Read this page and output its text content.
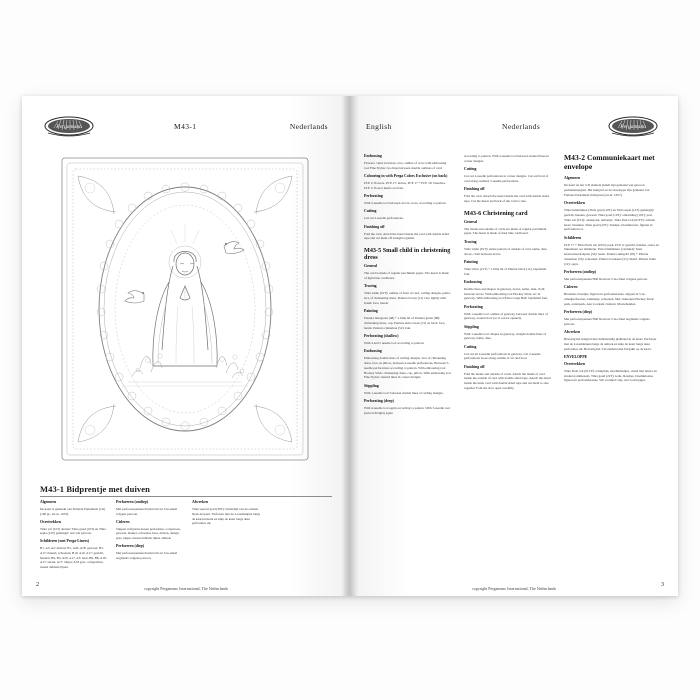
Pergamano	M43-1	Nederlands
M43-1 Bidprentje met duiven
Algemeen

De kaart is gemaakt van Parisian Perkament (vel) (160 gr., art.nr. 1653).

Overtrekken

Tinta wit (01T) deuren: Tinta goud (10T) en Tinta sepia (12T) gemengd: rest van patroon.

Schilderen (met Perga-Liners)

B1, A3, A2: duiven; B1, A20, A18: gewaad, B3, A17: mantel, schoenen; B10, A10, A17: gezicht, handen, B9, B3, A20, A17, A3: haar, B9, B8, A18, A17: aarzel, A17: takjes; A18 gras, composities, tussen dubbele lijnen.

Perforeren (ondiep)

Met perforeerpennen Kruisvorm en 3-in-enkel volgens patroon.

Cisleren

Stippen in figuren tussen perforaties, oorpatroon, gewaad, mantel, schoenen, haar, duiven, design, gras, takjes, tussen dubbele lijnen omtrek.

Perforeren (diep)

Met perforeerpennen Kruisvorm en 3-in-enkel nogmaals volgens patroon.

Afwerken

Tinta special gold (30T): buitenlijn van de omtrek. Neus de kaart. Perforeer met de 2-naaldenpen langs de kaartontwerk en knip de kaart langs deze perforaties uit.

2
copyright Pergamano International, The Netherlands
English	Nederlands	Pergamano
Embossing

Flowers, veins in leaves, arcs, outline of cross with embossing tool Fine Stylus: two lines between double outlines of card.

Colouring in with Perga Colors Exclusive (on back)

PCE 2: flowers. PCE 17: leaves. PCE 17 + PCE 19: branches. PCE 2: flower hearts on front.

Perforating

With 2-needle tool between arcs in cross, according to pattern.

Cutting

Cut out 2-needle perforations.

Finishing off

Fold the card. Attach the insert inside the card with double sided tape and cut them off straight together.

M43-5 Small child in christening dress
General

The card is made of regular parchment paper. The insert is made of light blue cardboard.

Tracing

Tinta white (01T): outline of front of card, curling designs, pellet, lace of christening dress. Pentura brown (12) very lightly with brush: face, hands.

Painting

Pentura bluegreen (48) + a little bit of Pentura green (08): christening dress, cap. Pentura skin colour (15) on back: face, hands. Pentura cinnamon (52): hair.

Perforating (shallow)

With 4 and 5 needle tool according to pattern.

Embossing

Embossing double lines of curling designs, lace of christening dress, face on pillow, between 4-needle perforations. Between 5-needle perforations according to pattern. With embossing tool Hockey Stick: christening dress, cap, pillow. With embossing tool Fine Stylus: slanted lines in corner designs.

Stippling

With 1-needle tool: between double lines of curling designs.

Perforating (deep)

With 4-needle tool again according to pattern. With 5-needle tool (twist left/right) again

according to pattern. With 2-needle tool between slanted lines in corner designs.

Cutting

Cut out 2-needle perforations in corner designs. Cut out front of card along outmost 5-needle perforations.

Finishing off

Fold the card. Attach the insert inside the card with double sided tape. Cut the insert and back of the card to size.

M43-6 Christening card
General

The inside and outside of cards are made of regular parchment paper. The insert is made of dark blue cardboard.

Tracing

Tinta white (01T): entire pattern of outside of card, name, date, doves, cloth between doves.

Painting

Tinta silver (21T) + a little bit of Pintura black (11): baptismal font.

Embossing

Double lines and shapes in gateway, doves, name, date, cloth between doves. With embossing tool Hockey Stick: arc in gateway. With embossing tool Extra Large Ball: baptismal font.

Perforating

With 1-needle tool: outline of gateway, between double lines of gateway, around door (so it can be opened).

Stippling

With 1-needle tool: shapes in gateway, straight double lines of gateway, name, date.

Cutting

Cut out all 2-needle perforations in gateway. Cut 2-needle perforations loose along outline of arc and door.

Finishing off

Fold the inside and outside of cards. Attach the inside of card inside the outside of card with double sided tape. Attach the insert inside the inner card with double sided tape and cut them to size together. Fold the door open carefully.

M43-2 Communiekaart met envelope
Algemeen

De kaart en het 3-D element (kindt zijn gemaakt van gewoon perkamentpapier. Het inlegvel en de enveloppe zijn gemaakt van Famous Perkament lichtgroen (art.nr. 1657).

Overtrekken

Tinta buitenlijnen (Tinta goud (10T) en Tinta sepia (12T) gemengd): gezicht, handen, gewaad. Tinta goud (10T): omranding (10T): patr. Tinta wit (01T): onderpark, lamontje. Tinta Pearl wit (01TP): omtrek kaart, bloemen. Tinta goud (22T): Vaadjes, bloemkarton, figuren in perforatievoor.

Schilderen

PCE 17 + Pinta Perla wit (01N): park. PCE 4: gezicht, handen, onzer en linnenkant oer lammetje. Tinta bindsikleur (verdund): basis kaartontwerk-lijnen (32): lezen. Pentura skingold (05) + Pintura cinnamon (52): schoenen. Pintura bordeaux (51): mend. Pintura bruin (12): ogen.

Perforeren (ondiep)

Met perforeerpennen Half Rond en 5-in-cirkel volgens patroon.

Cisleren

Bloemen, blaadjes, figuren in perforatieranze, stippen in 5-in-cirkelperforaties, lammetje, schoenen. Met cisleerpen Hockey Stick: park, onderpark. Aan voorkant cisleren: Mouwhanden.

Perforeren (diep)

Met perforeerpennen Half Rond en 5-in-cirkel nogmaals volgens patroon.

Afwerken

Bevestig het inlegvel met dubbelzijdig plakband in de kaart. Perforeer met de 2-naaldenpen langs de omtrek en knip de kaart langs deze perforaties uit. Bevestig het 3-D element met Pergakit op de kaart.

ENVELOPPE
Overtrekken

Tinta Pearl wit (01TP): schuiplijn, bloemblaadjes, cirkel met letters en streken (ommezen). Tinta goud (22T): kolk, blaadjes, bloemkloetse, figuren in perforatieranze. Wit verdund: stip, rest voorlopiges.

3
copyright Pergamano International, The Netherlands
